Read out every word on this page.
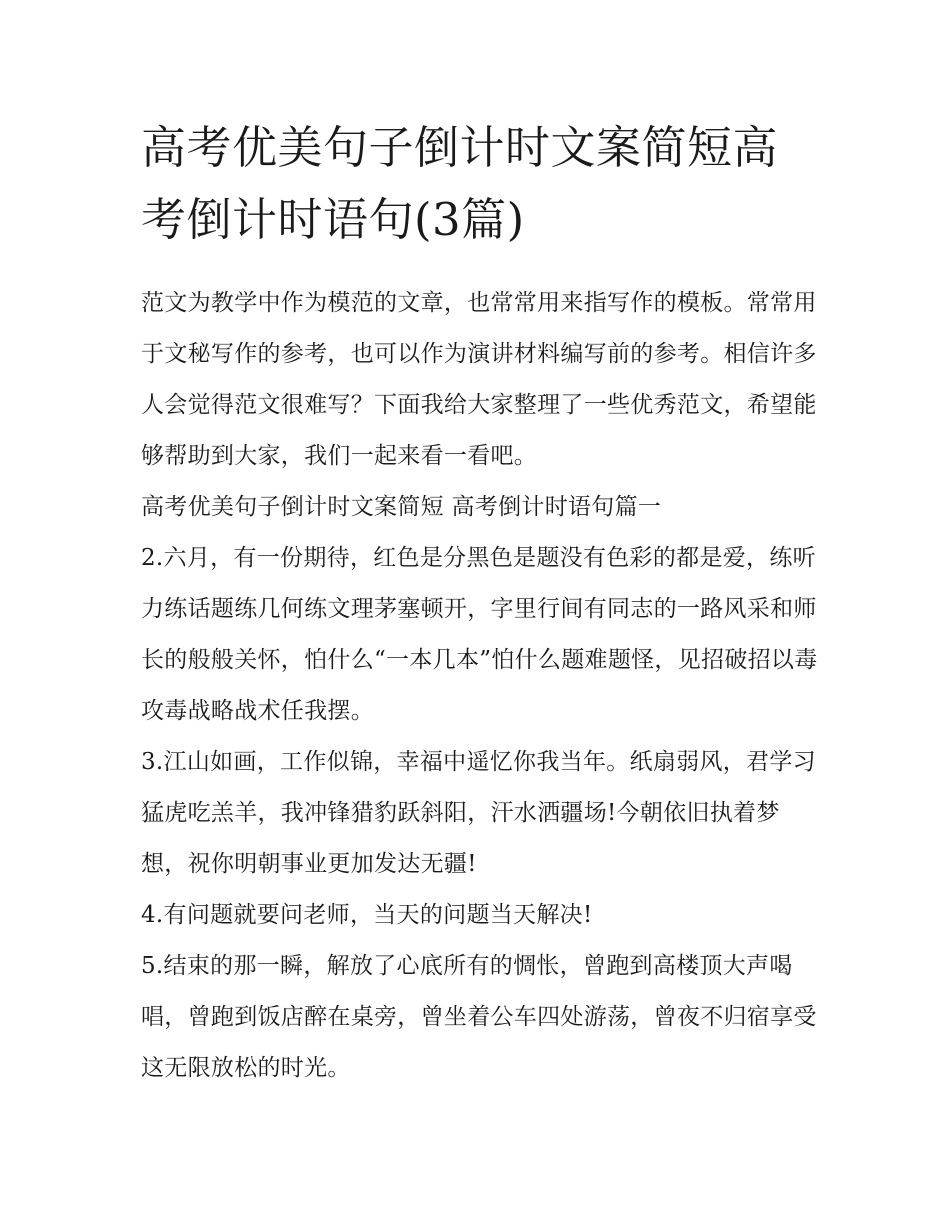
高考优美句子倒计时文案简短高考倒计时语句(3篇)

范文为教学中作为模范的文章，也常常用来指写作的模板。常常用于文秘写作的参考，也可以作为演讲材料编写前的参考。相信许多人会觉得范文很难写？下面我给大家整理了一些优秀范文，希望能够帮助到大家，我们一起来看一看吧。

高考优美句子倒计时文案简短 高考倒计时语句篇一

2.六月，有一份期待，红色是分黑色是题没有色彩的都是爱，练听力练话题练几何练文理茅塞顿开，字里行间有同志的一路风采和师长的般般关怀，怕什么“一本几本”怕什么题难题怪，见招破招以毒攻毒战略战术任我摆。

3.江山如画，工作似锦，幸福中遥忆你我当年。纸扇弱风，君学习猛虎吃羔羊，我冲锋猎豹跃斜阳，汗水洒疆场!今朝依旧执着梦想，祝你明朝事业更加发达无疆!

4.有问题就要问老师，当天的问题当天解决!

5.结束的那一瞬，解放了心底所有的惆怅，曾跑到高楼顶大声喝唱，曾跑到饭店醉在桌旁，曾坐着公车四处游荡，曾夜不归宿享受这无限放松的时光。
